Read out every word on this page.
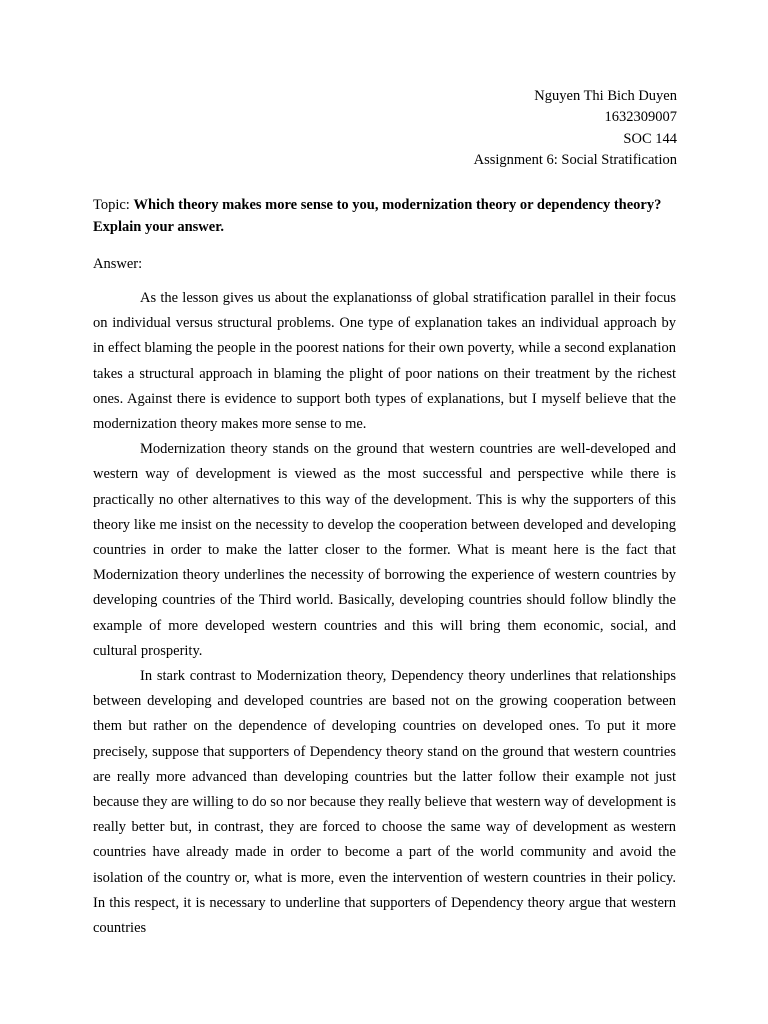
Nguyen Thi Bich Duyen
1632309007
SOC 144
Assignment 6: Social Stratification
Topic: Which theory makes more sense to you, modernization theory or dependency theory? Explain your answer.
Answer:

As the lesson gives us about the explanationss of global stratification parallel in their focus on individual versus structural problems. One type of explanation takes an individual approach by in effect blaming the people in the poorest nations for their own poverty, while a second explanation takes a structural approach in blaming the plight of poor nations on their treatment by the richest ones. Against there is evidence to support both types of explanations, but I myself believe that the modernization theory makes more sense to me.

Modernization theory stands on the ground that western countries are well-developed and western way of development is viewed as the most successful and perspective while there is practically no other alternatives to this way of the development. This is why the supporters of this theory like me insist on the necessity to develop the cooperation between developed and developing countries in order to make the latter closer to the former. What is meant here is the fact that Modernization theory underlines the necessity of borrowing the experience of western countries by developing countries of the Third world. Basically, developing countries should follow blindly the example of more developed western countries and this will bring them economic, social, and cultural prosperity.

In stark contrast to Modernization theory, Dependency theory underlines that relationships between developing and developed countries are based not on the growing cooperation between them but rather on the dependence of developing countries on developed ones. To put it more precisely, suppose that supporters of Dependency theory stand on the ground that western countries are really more advanced than developing countries but the latter follow their example not just because they are willing to do so nor because they really believe that western way of development is really better but, in contrast, they are forced to choose the same way of development as western countries have already made in order to become a part of the world community and avoid the isolation of the country or, what is more, even the intervention of western countries in their policy. In this respect, it is necessary to underline that supporters of Dependency theory argue that western countries
